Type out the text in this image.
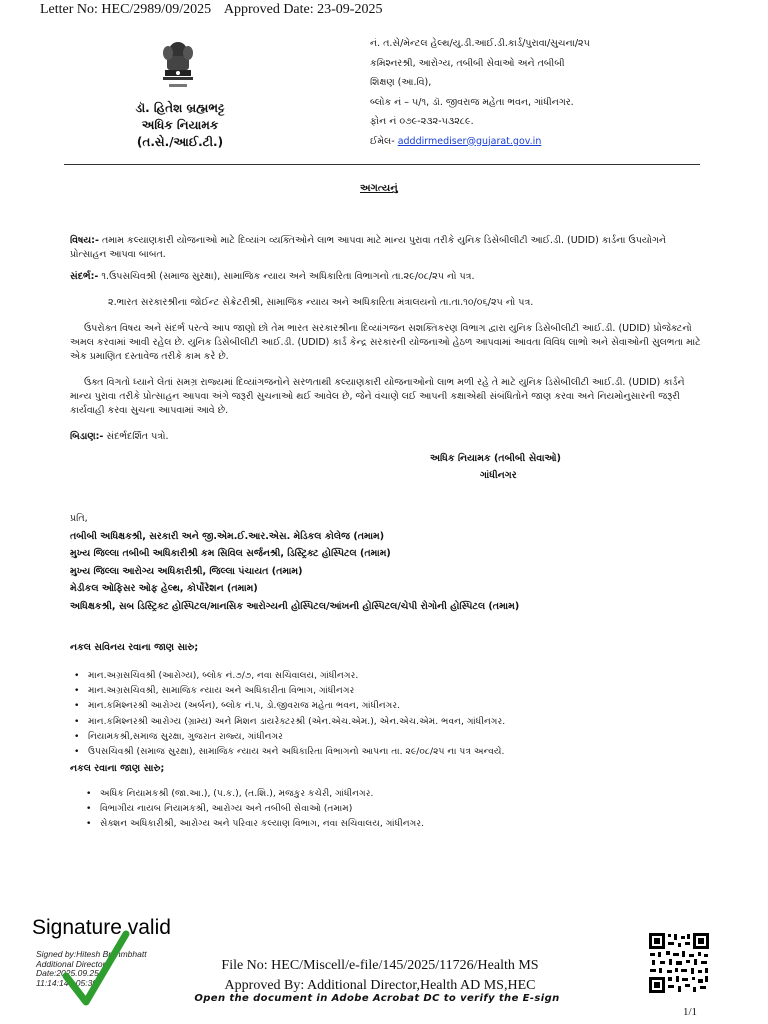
Letter No: HEC/2989/09/2025 Approved Date: 23-09-2025
ડૉ. હિતેશ બ્રહ્મભટ્ટ
અધિક નિયામક
(ત.સે./આઈ.ટી.)
નં. ત.સે/મેન્ટલ હેલ્થ/યુ.ડી.આઈ.ડી.કાર્ડ/પુરાવા/સુચના/૨૫
કમિશ્નરશ્રી, આરોગ્ય, તબીબી સેવાઓ અને તબીબી
શિક્ષણ (આ.વિ),
બ્લોક નં – ૫/૧, ડૉ. જીવરાજ મહેતા ભવન, ગાંધીનગર.
ફોન નં ૦૭૯-૨૩૨-૫૩૨૮૯.
ઈમેલ- adddirmediser@gujarat.gov.in
અગત્યનું
વિષય:- તમામ કલ્યાણકારી યોજનાઓ માટે દિવ્યાંગ વ્યક્તિઓને લાભ આપવા માટે માન્ય પુરાવા તરીકે યુનિક ડિસેબીલીટી આઈ.ડી. (UDID) કાર્ડના ઉપયોગને પ્રોત્સાહન આપવા બાબત.
સંદર્ભ:- ૧.ઉપસચિવશ્રી (સમાજ સુરક્ષા), સામાજિક ન્યાય અને અધિકારિતા વિભાગનો તા.૨૯/૦૮/૨૫ નો પત્ર.
૨.ભારત સરકારશ્રીના જોઈન્ટ સેક્રેટરીશ્રી, સામાજિક ન્યાય અને અધિકારિતા મંત્રાલયનો તા.તા.૧૦/૦૬/૨૫ નો પત્ર.
ઉપરોક્ત વિષય અને સંદર્ભ પરત્વે આપ જાણો છો તેમ ભારત સરકારશ્રીના દિવ્યાંગજન સશક્તિકરણ વિભાગ દ્વારા યુનિક ડિસેબીલીટી આઈ.ડી. (UDID) પ્રોજેક્ટનો અમલ કરવામાં આવી રહેલ છે. યુનિક ડિસેબીલીટી આઈ.ડી. (UDID) કાર્ડ કેન્દ્ર સરકારની યોજનાઓ હેઠળ આપવામાં આવતા વિવિધ લાભો અને સેવાઓની સુલભતા માટે એક પ્રમાણિત દસ્તાવેજ તરીકે કામ કરે છે.
ઉક્ત વિગતો ધ્યાને લેતાં સમગ્ર રાજ્યમાં દિવ્યાંગજનોને સરળતાથી કલ્યાણકારી યોજનાઓનો લાભ મળી રહે તે માટે યુનિક ડિસેબીલીટી આઈ.ડી. (UDID) કાર્ડને માન્ય પુરાવા તરીકે પ્રોત્સાહન આપવા અંગે જરૂરી સુચનાઓ થઈ આવેલ છે, જેને વંચાણે લઈ આપની કક્ષાએથી સંબંધિતોને જાણ કરવા અને નિયમોનુસારની જરૂરી કાર્યવાહી કરવા સુચના આપવામાં આવે છે.
બિડાણ:- સંદર્ભદર્શિત પત્રો.
અધિક નિયામક (તબીબી સેવાઓ)
ગાંધીનગર
પ્રતિ,
તબીબી અધિક્ષકશ્રી, સરકારી અને જી.એમ.ઈ.આર.એસ. મેડિકલ કોલેજ (તમામ)
મુખ્ય જિલ્લા તબીબી અધિકારીશ્રી કમ સિવિલ સર્જનશ્રી, ડિસ્ટ્રિક્ટ હોસ્પિટલ (તમામ)
મુખ્ય જિલ્લા આરોગ્ય અધિકારીશ્રી, જિલ્લા પંચાયત (તમામ)
મેડીકલ ઓફિસર ઓફ હેલ્થ, કોર્પોરેશન (તમામ)
અધિક્ષકશ્રી, સબ ડિસ્ટ્રિક્ટ હોસ્પિટલ/માનસિક આરોગ્યની હોસ્પિટલ/આંખની હોસ્પિટલ/ચેપી રોગોની હોસ્પિટલ (તમામ)
નકલ સવિનય રવાના જાણ સારુ;
• માન.અગ્રસચિવશ્રી (આરોગ્ય), બ્લોક નં.૭/૭, નવા સચિવાલય, ગાંધીનગર.
• માન.અગ્રસચિવશ્રી, સામાજિક ન્યાય અને અધિકારીતા વિભાગ, ગાંધીનગર
• માન.કમિશ્નરશ્રી આરોગ્ય (અર્બન), બ્લોક નં.૫, ડો.જીવરાજ મહેતા ભવન, ગાંધીનગર.
• માન.કમિશ્નરશ્રી આરોગ્ય (ગ્રામ્ય) અને મિશન ડાયરેક્ટરશ્રી (એન.એચ.એમ.), એન.એચ.એમ. ભવન, ગાંધીનગર.
• નિયામકશ્રી,સમાજ સુરક્ષા, ગુજરાત રાજ્ય, ગાંધીનગર
• ઉપસચિવશ્રી (સમાજ સુરક્ષા), સામાજિક ન્યાય અને અધિકારિતા વિભાગનો આપના તા. ૨૯/૦૮/૨૫ ના પત્ર અન્વયે.
નકલ રવાના જાણ સારુ;
• અધિક નિયામકશ્રી (જા.આ.), (પ.ક.), (ત.શિ.), મજકુર કચેરી, ગાંધીનગર.
• વિભાગીય નાયબ નિયામકશ્રી, આરોગ્ય અને તબીબી સેવાઓ (તમામ)
• સેક્શન અધિકારીશ્રી, આરોગ્ય અને પરિવાર કલ્યાણ વિભાગ, નવા સચિવાલય, ગાંધીનગર.
Signature valid
Signed by:Hitesh Brahmbhatt
Additional Director
Date:2025.09.25
11:14:14 +05:30
File No: HEC/Miscell/e-file/145/2025/11726/Health MS
Approved By: Additional Director,Health AD MS,HEC
Open the document in Adobe Acrobat DC to verify the E-sign
1/1
